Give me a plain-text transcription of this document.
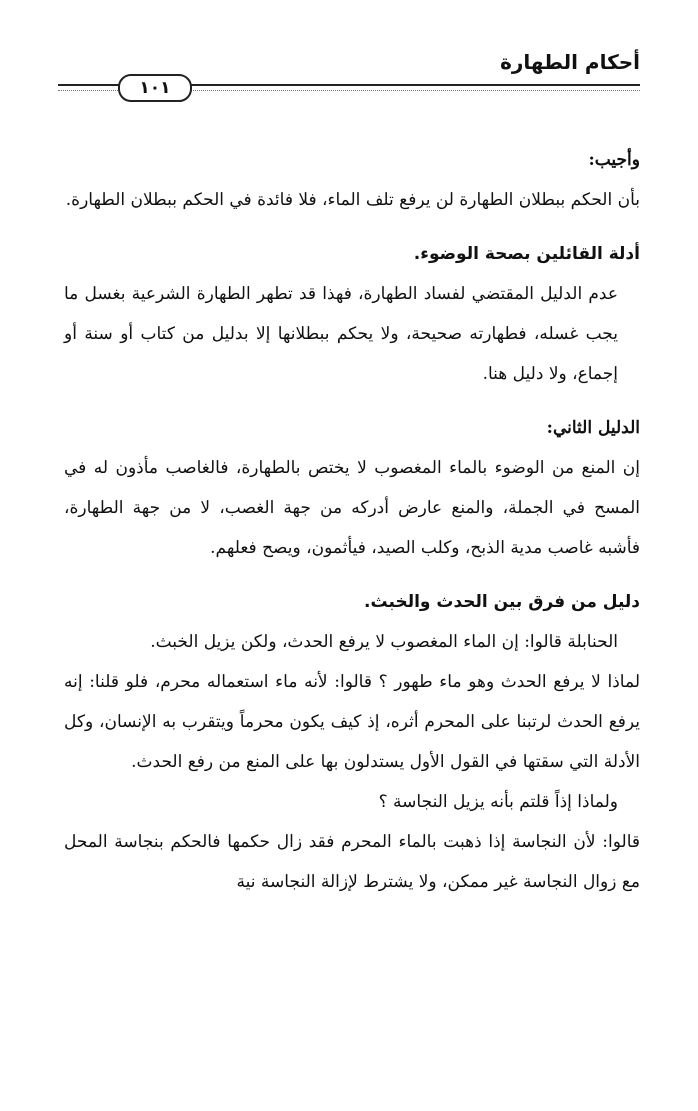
أحكام الطهارة
١٠١

وأجيب:

بأن الحكم ببطلان الطهارة لن يرفع تلف الماء، فلا فائدة في الحكم ببطلان الطهارة.

أدلة القائلين بصحة الوضوء.

عدم الدليل المقتضي لفساد الطهارة، فهذا قد تطهر الطهارة الشرعية بغسل ما يجب غسله، فطهارته صحيحة، ولا يحكم ببطلانها إلا بدليل من كتاب أو سنة أو إجماع، ولا دليل هنا.

الدليل الثاني:

إن المنع من الوضوء بالماء المغصوب لا يختص بالطهارة، فالغاصب مأذون له في المسح في الجملة، والمنع عارض أدركه من جهة الغصب، لا من جهة الطهارة، فأشبه غاصب مدية الذبح، وكلب الصيد، فيأثمون، ويصح فعلهم.

دليل من فرق بين الحدث والخبث.

الحنابلة قالوا: إن الماء المغصوب لا يرفع الحدث، ولكن يزيل الخبث.

لماذا لا يرفع الحدث وهو ماء طهور ؟ قالوا: لأنه ماء استعماله محرم، فلو قلنا: إنه يرفع الحدث لرتبنا على المحرم أثره، إذ كيف يكون محرماً ويتقرب به الإنسان، وكل الأدلة التي سقتها في القول الأول يستدلون بها على المنع من رفع الحدث.

ولماذا إذاً قلتم بأنه يزيل النجاسة ؟

قالوا: لأن النجاسة إذا ذهبت بالماء المحرم فقد زال حكمها فالحكم بنجاسة المحل مع زوال النجاسة غير ممكن، ولا يشترط لإزالة النجاسة نية
